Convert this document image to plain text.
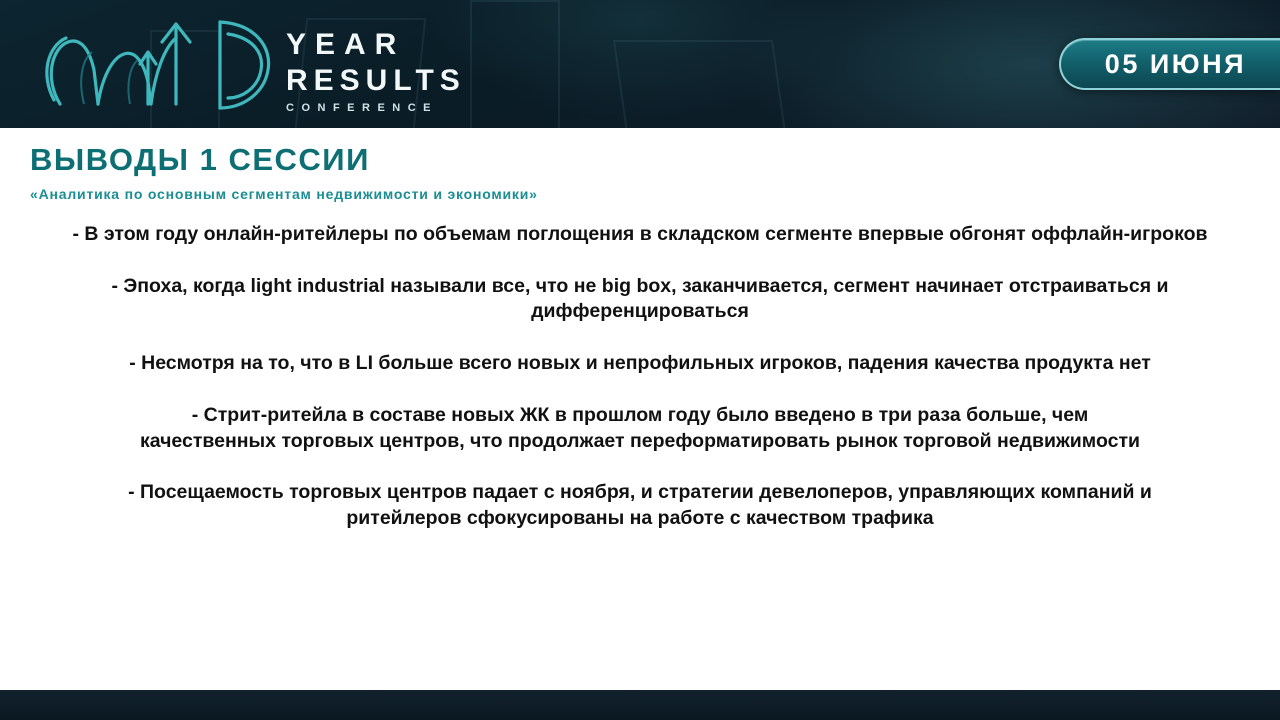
YEAR
RESULTS
CONFERENCE
05 ИЮНЯ
ВЫВОДЫ 1 СЕССИИ
«Аналитика по основным сегментам недвижимости и экономики»
- В этом году онлайн-ритейлеры по объемам поглощения в складском сегменте впервые обгонят оффлайн-игроков
- Эпоха, когда light industrial называли все, что не big box, заканчивается, сегмент начинает отстраиваться и дифференцироваться
- Несмотря на то, что в LI больше всего новых и непрофильных игроков, падения качества продукта нет
- Стрит-ритейла в составе новых ЖК в прошлом году было введено в три раза больше, чем качественных торговых центров, что продолжает переформатировать рынок торговой недвижимости
- Посещаемость торговых центров падает с ноября, и стратегии девелоперов, управляющих компаний и ритейлеров сфокусированы на работе с качеством трафика
